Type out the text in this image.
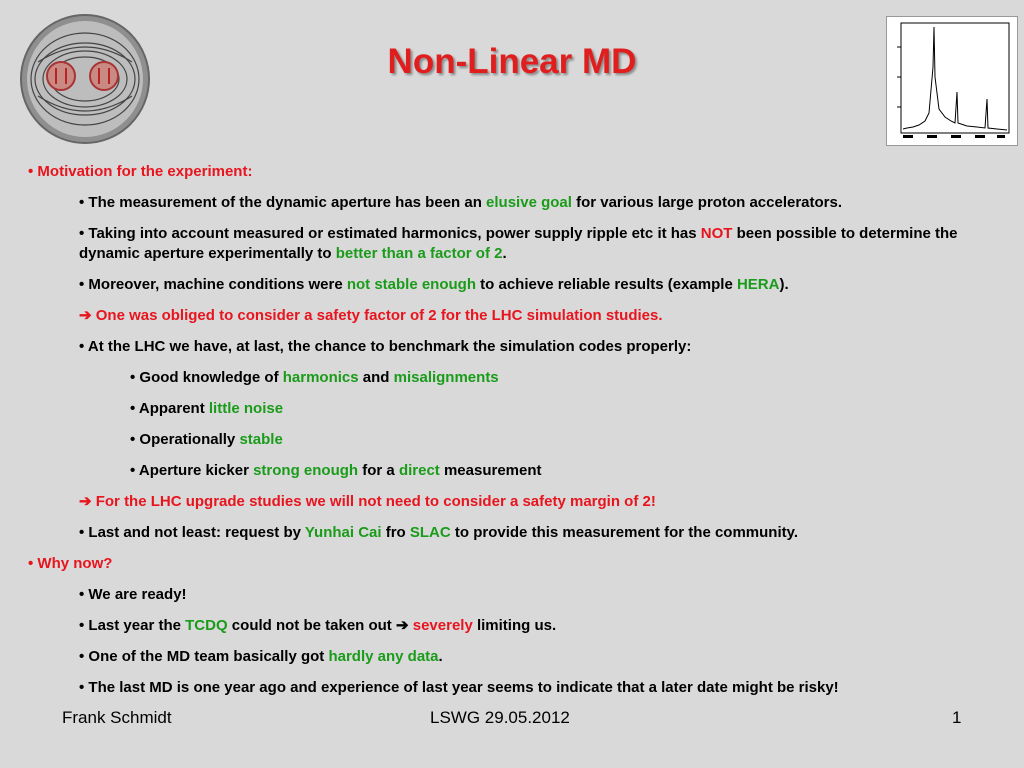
Non-Linear MD
• Motivation for the experiment:
• The measurement of the dynamic aperture has been an elusive goal for various large proton accelerators.
• Taking into account measured or estimated harmonics, power supply ripple etc it has NOT been possible to determine the dynamic aperture experimentally to better than a factor of 2.
• Moreover, machine conditions were not stable enough to achieve reliable results (example HERA).
➔ One was obliged to consider a safety factor of 2 for the LHC simulation studies.
• At the LHC we have, at last, the chance to benchmark the simulation codes properly:
• Good knowledge of harmonics and misalignments
• Apparent little noise
• Operationally stable
• Aperture kicker strong enough for a direct measurement
➔ For the LHC upgrade studies we will not need to consider a safety margin of 2!
• Last and not least: request by Yunhai Cai fro SLAC to provide this measurement for the community.
• Why now?
• We are ready!
• Last year the TCDQ could not be taken out ➔ severely limiting us.
• One of the MD team basically got hardly any data.
• The last MD is one year ago and experience of last year seems to indicate that a later date might be risky!
Frank Schmidt	LSWG 29.05.2012	1
